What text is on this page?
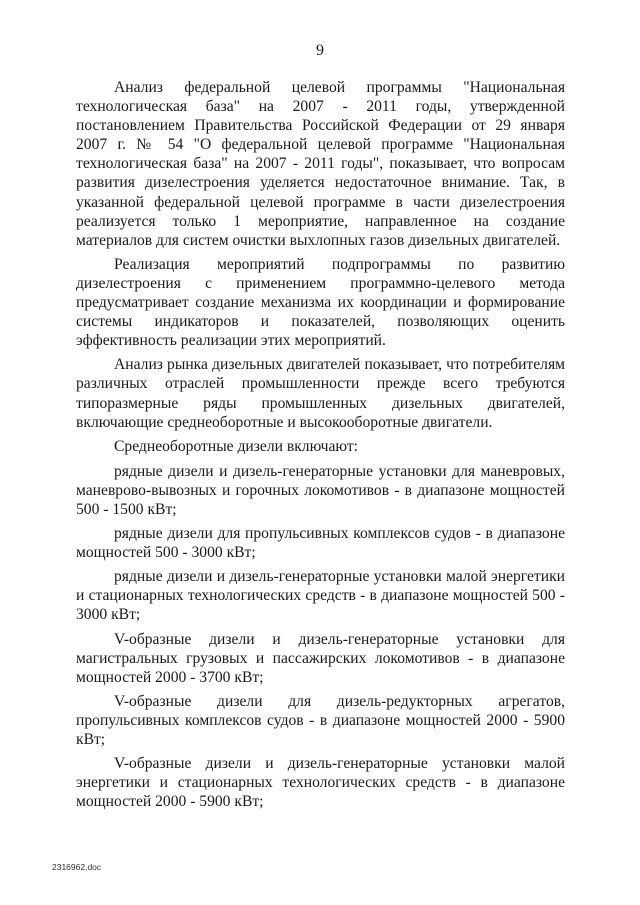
9

Анализ федеральной целевой программы "Национальная технологическая база" на 2007 - 2011 годы, утвержденной постановлением Правительства Российской Федерации от 29 января 2007 г. № 54 "О федеральной целевой программе "Национальная технологическая база" на 2007 - 2011 годы", показывает, что вопросам развития дизелестроения уделяется недостаточное внимание. Так, в указанной федеральной целевой программе в части дизелестроения реализуется только 1 мероприятие, направленное на создание материалов для систем очистки выхлопных газов дизельных двигателей.

Реализация мероприятий подпрограммы по развитию дизелестроения с применением программно-целевого метода предусматривает создание механизма их координации и формирование системы индикаторов и показателей, позволяющих оценить эффективность реализации этих мероприятий.

Анализ рынка дизельных двигателей показывает, что потребителям различных отраслей промышленности прежде всего требуются типоразмерные ряды промышленных дизельных двигателей, включающие среднеоборотные и высокооборотные двигатели.

Среднеоборотные дизели включают:

рядные дизели и дизель-генераторные установки для маневровых, маневрово-вывозных и горочных локомотивов - в диапазоне мощностей 500 - 1500 кВт;

рядные дизели для пропульсивных комплексов судов - в диапазоне мощностей 500 - 3000 кВт;

рядные дизели и дизель-генераторные установки малой энергетики и стационарных технологических средств - в диапазоне мощностей 500 - 3000 кВт;

V-образные дизели и дизель-генераторные установки для магистральных грузовых и пассажирских локомотивов - в диапазоне мощностей 2000 - 3700 кВт;

V-образные дизели для дизель-редукторных агрегатов, пропульсивных комплексов судов - в диапазоне мощностей 2000 - 5900 кВт;

V-образные дизели и дизель-генераторные установки малой энергетики и стационарных технологических средств - в диапазоне мощностей 2000 - 5900 кВт;

2316962.doc
